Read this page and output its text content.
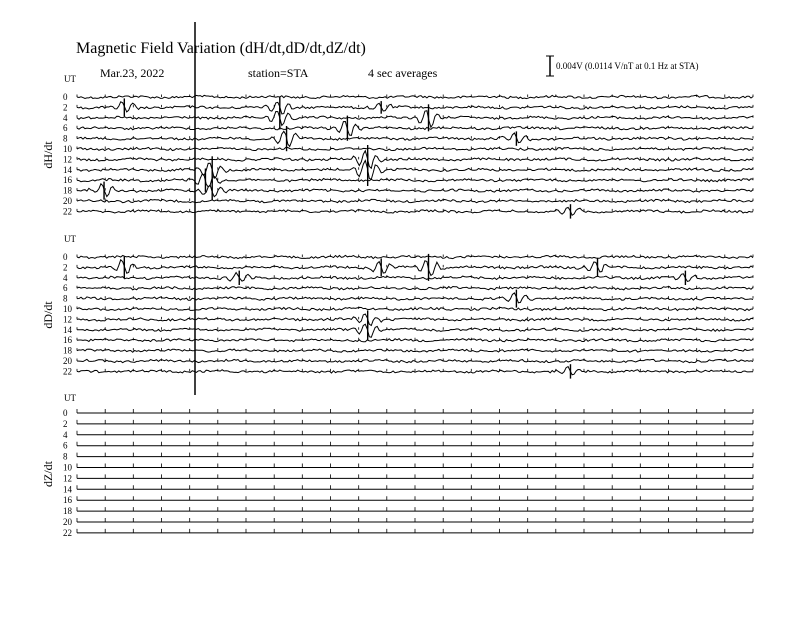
Magnetic Field Variation (dH/dt,dD/dt,dZ/dt)
Mar.23, 2022	station=STA	4 sec averages	0.004V (0.0114 V/nT at 0.1 Hz at STA)
UT
dH/dt
0
2
4
6
8
10
12
14
16
18
20
22
UT
dD/dt
0
2
4
6
8
10
12
14
16
18
20
22
UT
dZ/dt
0
2
4
6
8
10
12
14
16
18
20
22
